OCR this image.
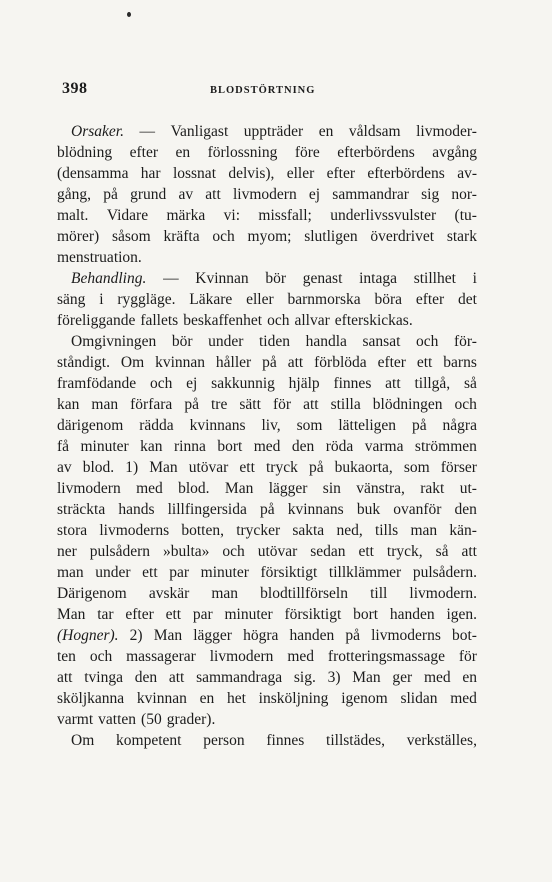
398	BLODSTÖRTNING
Orsaker. — Vanligast uppträder en våldsam livmoder-
blödning efter en förlossning före efterbördens avgång
(densamma har lossnat delvis), eller efter efterbördens av-
gång, på grund av att livmodern ej sammandrar sig nor-
malt. Vidare märka vi: missfall; underlivssvulster (tu-
mörer) såsom kräfta och myom; slutligen överdrivet stark
menstruation.
Behandling. — Kvinnan bör genast intaga stillhet i
säng i ryggläge. Läkare eller barnmorska böra efter det
föreliggande fallets beskaffenhet och allvar efterskickas.
Omgivningen bör under tiden handla sansat och för-
ståndigt. Om kvinnan håller på att förblöda efter ett barns
framfödande och ej sakkunnig hjälp finnes att tillgå, så
kan man förfara på tre sätt för att stilla blödningen och
därigenom rädda kvinnans liv, som lätteligen på några
få minuter kan rinna bort med den röda varma strömmen
av blod. 1) Man utövar ett tryck på bukaorta, som förser
livmodern med blod. Man lägger sin vänstra, rakt ut-
sträckta hands lillfingersida på kvinnans buk ovanför den
stora livmoderns botten, trycker sakta ned, tills man kän-
ner pulsådern »bulta» och utövar sedan ett tryck, så att
man under ett par minuter försiktigt tillklämmer pulsådern.
Därigenom avskär man blodtillförseln till livmodern.
Man tar efter ett par minuter försiktigt bort handen igen.
(Hogner). 2) Man lägger högra handen på livmoderns bot-
ten och massagerar livmodern med frotteringsmassage för
att tvinga den att sammandraga sig. 3) Man ger med en
sköljkanna kvinnan en het insköljning igenom slidan med
varmt vatten (50 grader).
Om kompetent person finnes tillstädes, verkställes,
